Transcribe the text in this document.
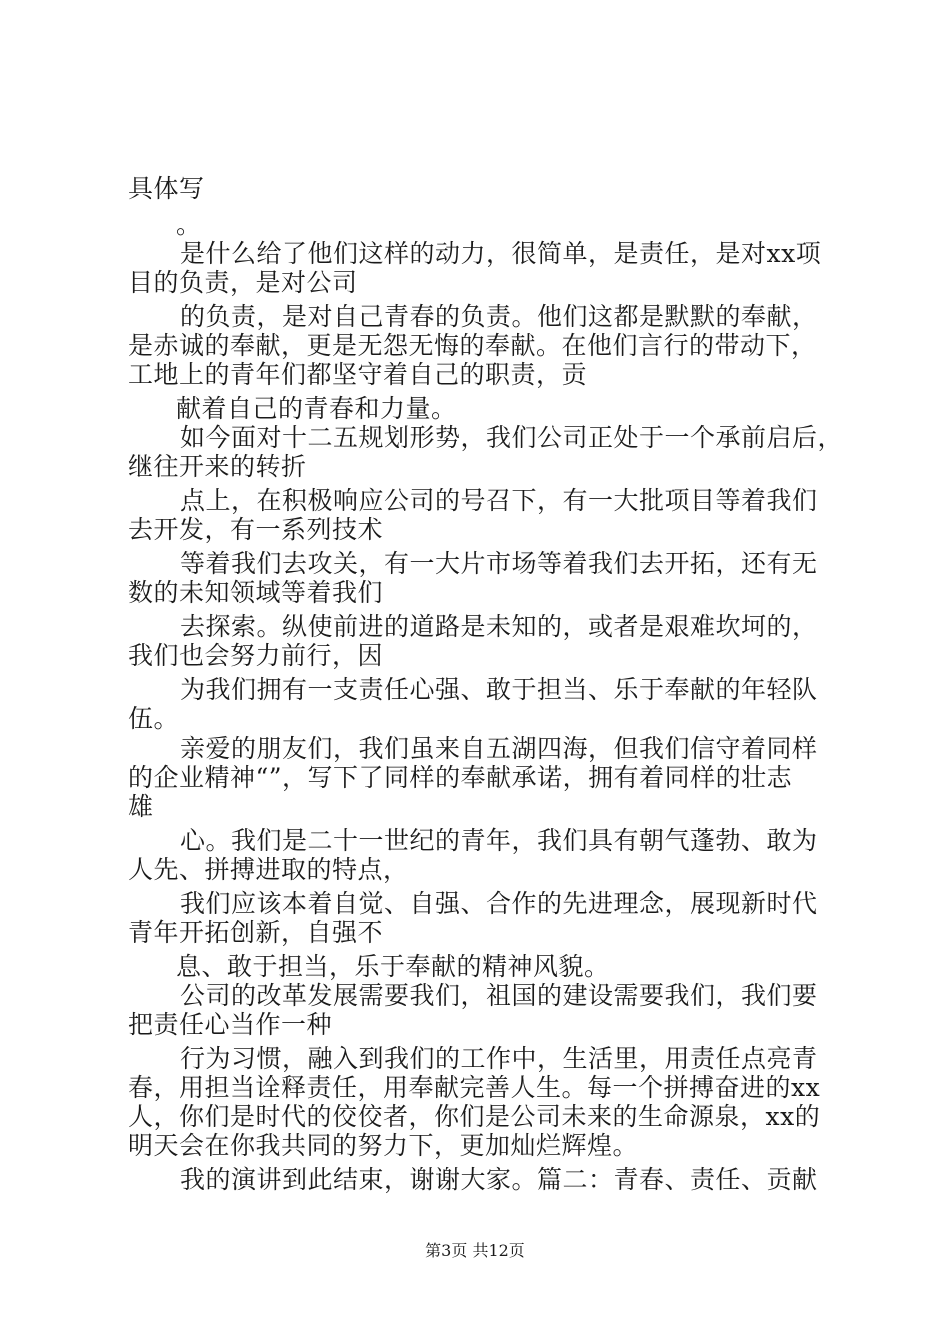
具体写
。
是什么给了他们这样的动力，很简单，是责任，是对xx项
目的负责，是对公司
的负责，是对自己青春的负责。他们这都是默默的奉献，
是赤诚的奉献，更是无怨无悔的奉献。在他们言行的带动下，
工地上的青年们都坚守着自己的职责，贡
献着自己的青春和力量。
如今面对十二五规划形势，我们公司正处于一个承前启后，
继往开来的转折
点上，在积极响应公司的号召下，有一大批项目等着我们
去开发，有一系列技术
等着我们去攻关，有一大片市场等着我们去开拓，还有无
数的未知领域等着我们
去探索。纵使前进的道路是未知的，或者是艰难坎坷的，
我们也会努力前行，因
为我们拥有一支责任心强、敢于担当、乐于奉献的年轻队
伍。
亲爱的朋友们，我们虽来自五湖四海，但我们信守着同样
的企业精神“”，写下了同样的奉献承诺，拥有着同样的壮志
雄
心。我们是二十一世纪的青年，我们具有朝气蓬勃、敢为
人先、拼搏进取的特点，
我们应该本着自觉、自强、合作的先进理念，展现新时代
青年开拓创新，自强不
息、敢于担当，乐于奉献的精神风貌。
公司的改革发展需要我们，祖国的建设需要我们，我们要
把责任心当作一种
行为习惯，融入到我们的工作中，生活里，用责任点亮青
春，用担当诠释责任，用奉献完善人生。每一个拼搏奋进的xx
人，你们是时代的佼佼者，你们是公司未来的生命源泉，xx的
明天会在你我共同的努力下，更加灿烂辉煌。
我的演讲到此结束，谢谢大家。篇二：青春、责任、贡献
第3页 共12页
